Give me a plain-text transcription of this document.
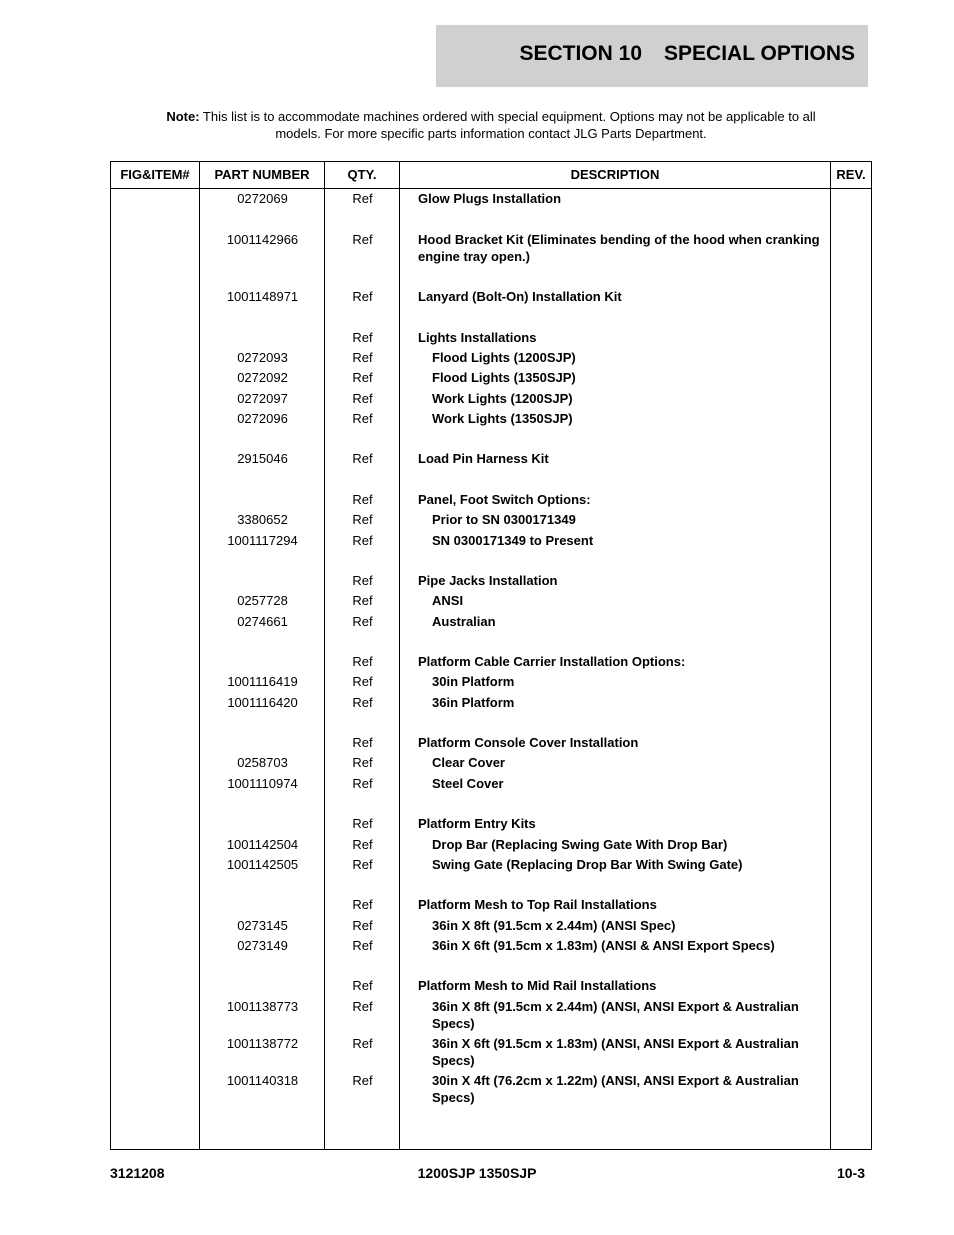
SECTION 10 SPECIAL OPTIONS
Note: This list is to accommodate machines ordered with special equipment. Options may not be applicable to all models. For more specific parts information contact JLG Parts Department.
FIG&ITEM#	PART NUMBER	QTY.	DESCRIPTION	REV.
0272069	Ref	Glow Plugs Installation
1001142966	Ref	Hood Bracket Kit (Eliminates bending of the hood when cranking engine tray open.)
1001148971	Ref	Lanyard (Bolt-On) Installation Kit
Ref	Lights Installations
0272093	Ref	Flood Lights (1200SJP)
0272092	Ref	Flood Lights (1350SJP)
0272097	Ref	Work Lights (1200SJP)
0272096	Ref	Work Lights (1350SJP)
2915046	Ref	Load Pin Harness Kit
Ref	Panel, Foot Switch Options:
3380652	Ref	Prior to SN 0300171349
1001117294	Ref	SN 0300171349 to Present
Ref	Pipe Jacks Installation
0257728	Ref	ANSI
0274661	Ref	Australian
Ref	Platform Cable Carrier Installation Options:
1001116419	Ref	30in Platform
1001116420	Ref	36in Platform
Ref	Platform Console Cover Installation
0258703	Ref	Clear Cover
1001110974	Ref	Steel Cover
Ref	Platform Entry Kits
1001142504	Ref	Drop Bar (Replacing Swing Gate With Drop Bar)
1001142505	Ref	Swing Gate (Replacing Drop Bar With Swing Gate)
Ref	Platform Mesh to Top Rail Installations
0273145	Ref	36in X 8ft (91.5cm x 2.44m) (ANSI Spec)
0273149	Ref	36in X 6ft (91.5cm x 1.83m) (ANSI & ANSI Export Specs)
Ref	Platform Mesh to Mid Rail Installations
1001138773	Ref	36in X 8ft (91.5cm x 2.44m) (ANSI, ANSI Export & Australian Specs)
1001138772	Ref	36in X 6ft (91.5cm x 1.83m) (ANSI, ANSI Export & Australian Specs)
1001140318	Ref	30in X 4ft (76.2cm x 1.22m) (ANSI, ANSI Export & Australian Specs)
3121208	1200SJP 1350SJP	10-3
